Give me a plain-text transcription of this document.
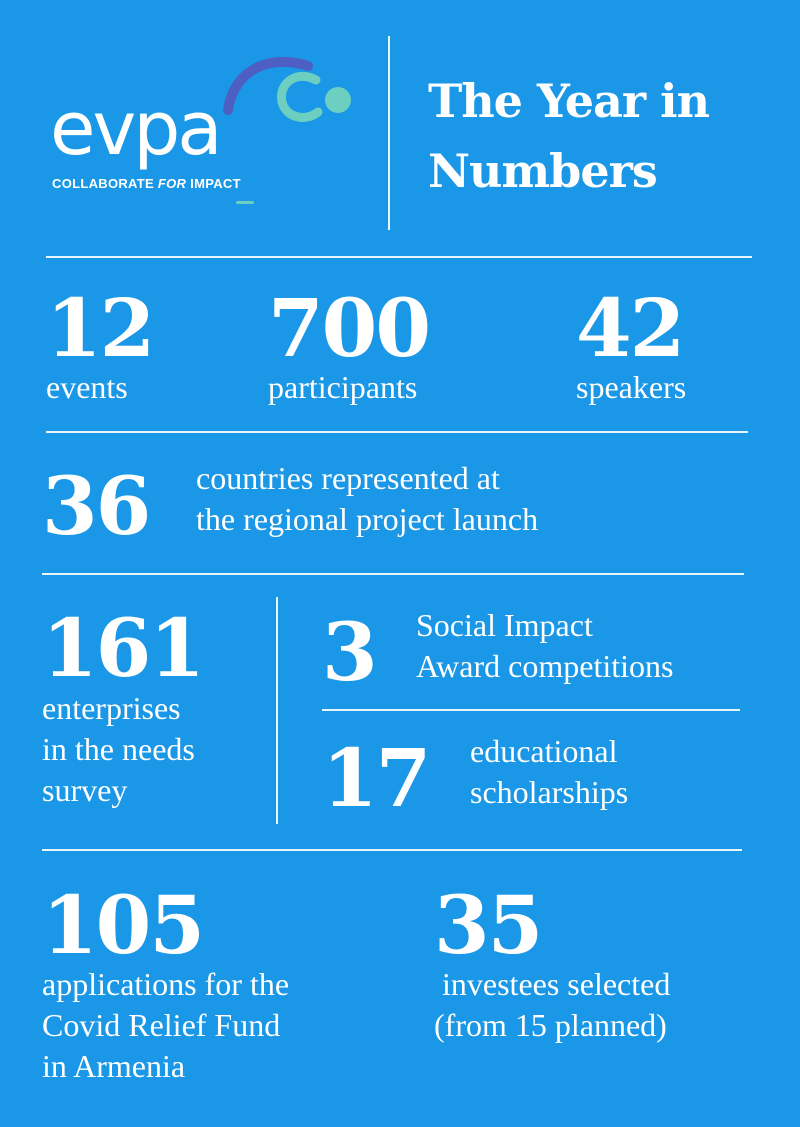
evpa
COLLABORATE FOR IMPACT
The Year in
Numbers
12
events
700
participants
42
speakers
36 countries represented at
the regional project launch
161
enterprises
in the needs
survey
3 Social Impact
Award competitions
17 educational
scholarships
105
applications for the
Covid Relief Fund
in Armenia
35
investees selected
(from 15 planned)
